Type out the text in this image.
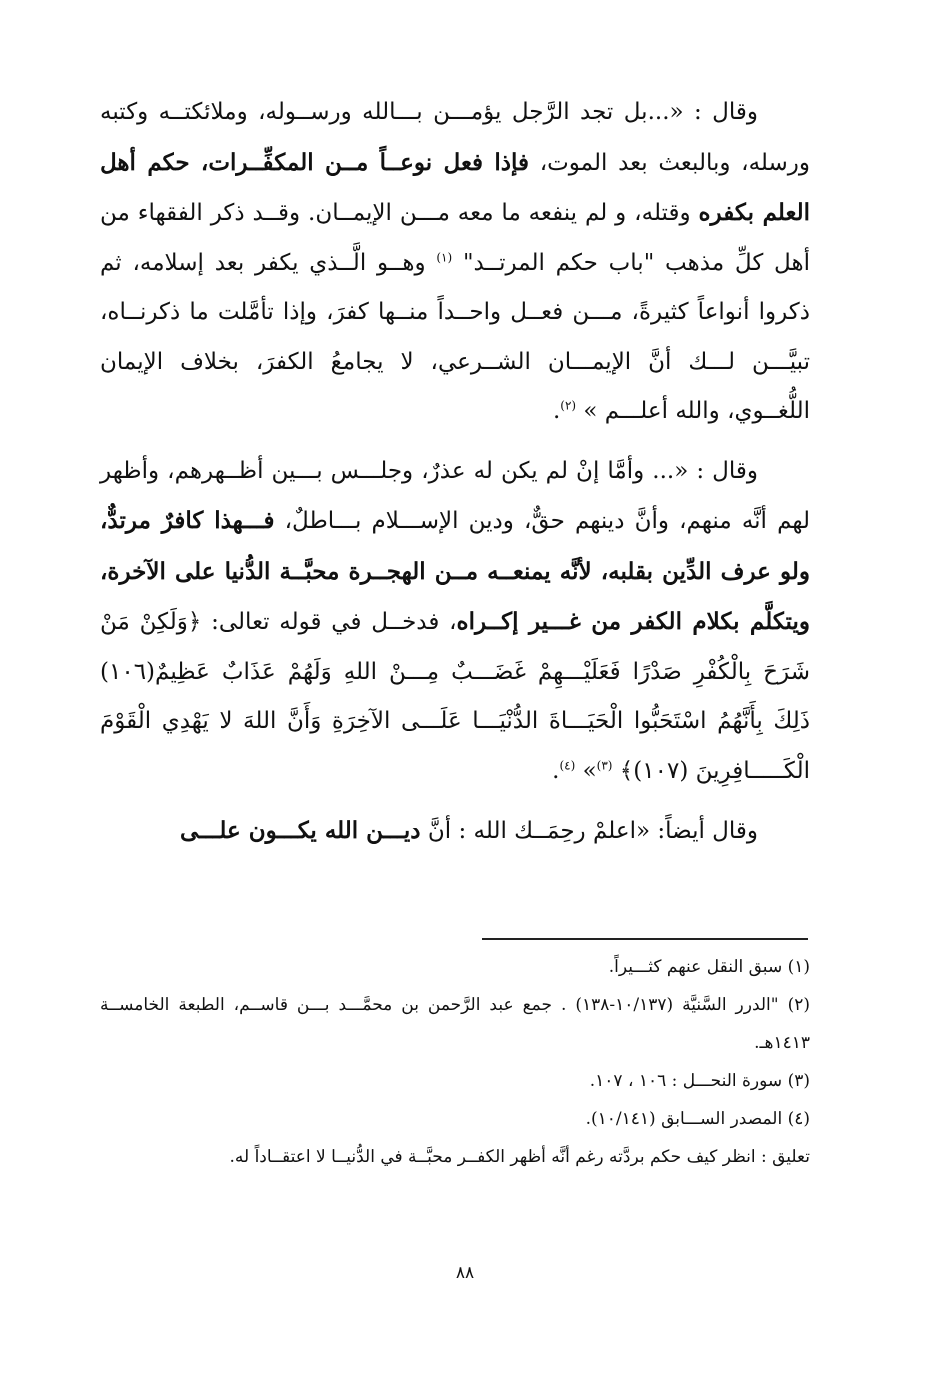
وقال : «...بل تجد الرَّجل يؤمـــن بـــالله ورســوله، وملائكتــه وكتبه ورسله، وبالبعث بعد الموت، فإذا فعل نوعــاً مــن المكفِّــرات، حكم أهل العلم بكفره وقتله، و لم ينفعه ما معه مـــن الإيمــان. وقــد ذكر الفقهاء من أهل كلِّ مذهب "باب حكم المرتــد" $^{(١)}$ وهــو الَّــذي يكفر بعد إسلامه، ثم ذكروا أنواعاً كثيرةً، مـــن فعــل واحــداً منــها كفرَ، وإذا تأمَّلت ما ذكرنــاه، تبيَّـــن لـــك أنَّ الإيمـــان الشــرعي، لا يجامعُ الكفرَ، بخلاف الإيمان اللُّغــوي، والله أعلـــم » $^{(٢)}$.

وقال : «... وأمَّا إنْ لم يكن له عذرٌ، وجلـــس بـــين أظــهرهم، وأظهر لهم أنَّه منهم، وأنَّ دينهم حقٌّ، ودين الإســـلام بـــاطلٌ، فـــهذا كافرٌ مرتدٌّ، ولو عرف الدِّين بقلبه، لأنَّه يمنعــه مــن الهجــرة محبَّــة الدُّنيا على الآخرة، ويتكلَّم بكلام الكفر من غـــير إكــراه، فدخــل في قوله تعالى: ﴿وَلَكِنْ مَنْ شَرَحَ بِالْكُفْرِ صَدْرًا فَعَلَيْـــهِمْ غَضَـــبٌ مِـــنْ اللهِ وَلَهُمْ عَذَابٌ عَظِيمٌ(١٠٦) ذَلِكَ بِأَنَّهُمُ اسْتَحَبُّوا الْحَيَـــاةَ الدُّنْيَـــا عَلَـــى الآخِرَةِ وَأَنَّ اللهَ لا يَهْدِي الْقَوْمَ الْكَـــــافِرِينَ (١٠٧)﴾ $^{(٣)}$» $^{(٤)}$.

وقال أيضاً: «اعلمْ رحِمَــك الله : أنَّ ديـــن الله يكـــون علـــى

(١) سبق النقل عنهم كثـــيراً.

(٢) "الدرر السَّنيَّة (١٠/١٣٧-١٣٨) . جمع عبد الرَّحمن بن محمَّـــد بـــن قاســم، الطبعة الخامســة ١٤١٣هـ.

(٣) سورة النحـــل : ١٠٦ ، ١٠٧.

(٤) المصدر الســـابق (١٠/١٤١).

تعليق : انظر كيف حكم بردَّته رغم أنَّه أظهر الكفــر محبَّــة في الدُّنيــا لا اعتقــاداً له.

٨٨
